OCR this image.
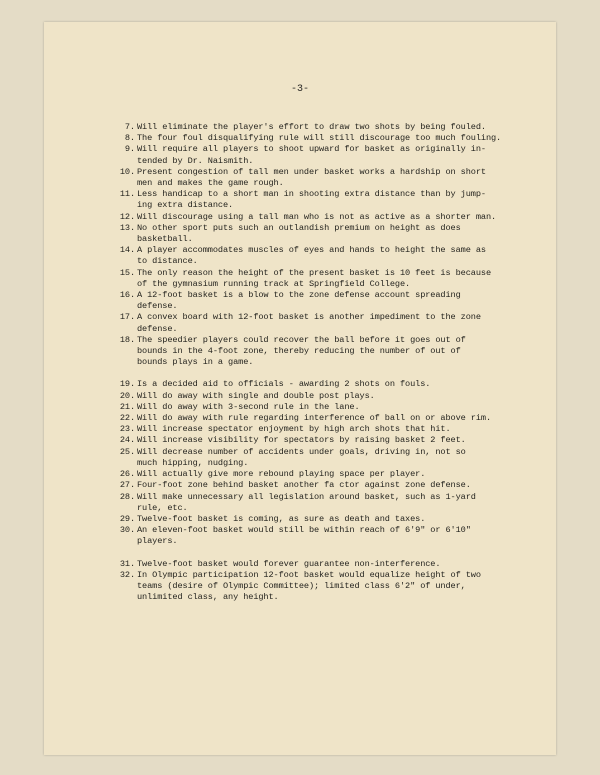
-3-
7. Will eliminate the player's effort to draw two shots by being fouled.
8. The four foul disqualifying rule will still discourage too much fouling.
9. Will require all players to shoot upward for basket as originally in-
tended by Dr. Naismith.
10. Present congestion of tall men under basket works a hardship on short
men and makes the game rough.
11. Less handicap to a short man in shooting extra distance than by jump-
ing extra distance.
12. Will discourage using a tall man who is not as active as a shorter man.
13. No other sport puts such an outlandish premium on height as does
basketball.
14. A player accommodates muscles of eyes and hands to height the same as
to distance.
15. The only reason the height of the present basket is 10 feet is because
of the gymnasium running track at Springfield College.
16. A 12-foot basket is a blow to the zone defense account spreading
defense.
17. A convex board with 12-foot basket is another impediment to the zone
defense.
18. The speedier players could recover the ball before it goes out of
bounds in the 4-foot zone, thereby reducing the number of out of
bounds plays in a game.
19. Is a decided aid to officials - awarding 2 shots on fouls.
20. Will do away with single and double post plays.
21. Will do away with 3-second rule in the lane.
22. Will do away with rule regarding interference of ball on or above rim.
23. Will increase spectator enjoyment by high arch shots that hit.
24. Will increase visibility for spectators by raising basket 2 feet.
25. Will decrease number of accidents under goals, driving in, not so
much hipping, nudging.
26. Will actually give more rebound playing space per player.
27. Four-foot zone behind basket another fa ctor against zone defense.
28. Will make unnecessary all legislation around basket, such as 1-yard
rule, etc.
29. Twelve-foot basket is coming, as sure as death and taxes.
30. An eleven-foot basket would still be within reach of 6'9" or 6'10"
players.
31. Twelve-foot basket would forever guarantee non-interference.
32. In Olympic participation 12-foot basket would equalize height of two
teams (desire of Olympic Committee); limited class 6'2" of under,
unlimited class, any height.
